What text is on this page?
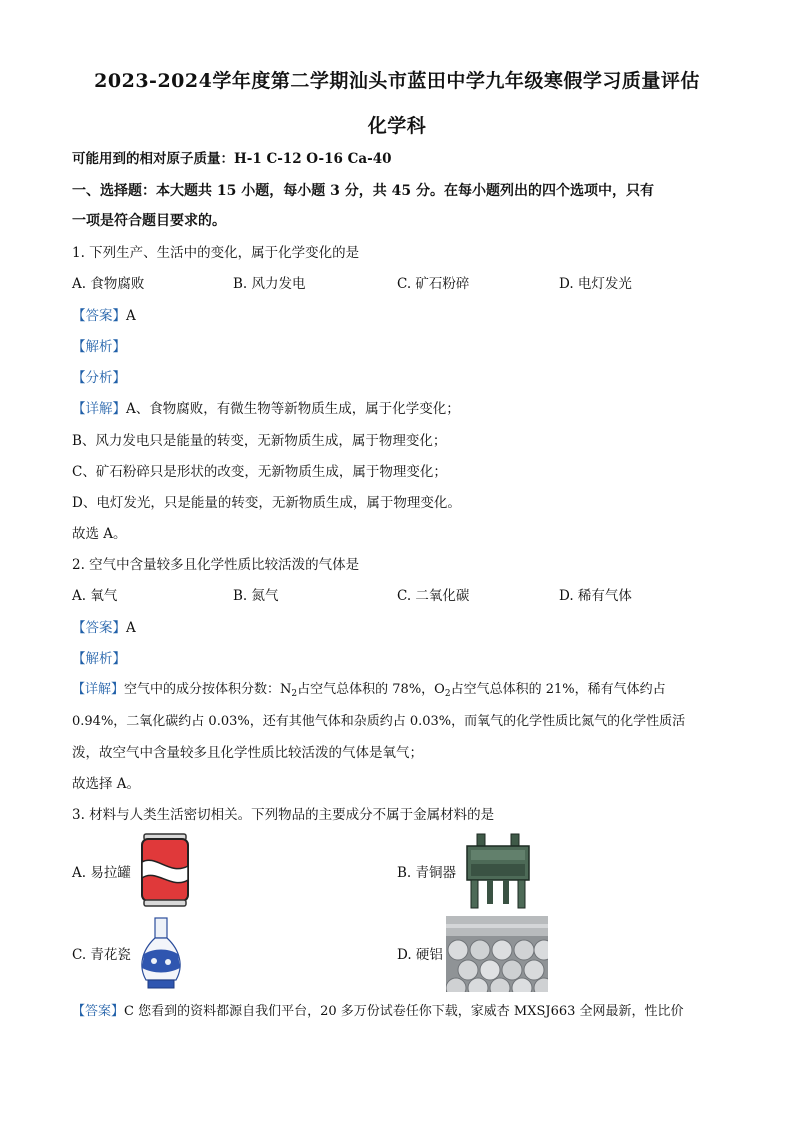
2023-2024学年度第二学期汕头市蓝田中学九年级寒假学习质量评估
化学科
可能用到的相对原子质量：H-1 C-12 O-16 Ca-40
一、选择题：本大题共 15 小题，每小题 3 分，共 45 分。在每小题列出的四个选项中，只有
一项是符合题目要求的。
1. 下列生产、生活中的变化，属于化学变化的是
A. 食物腐败	B. 风力发电	C. 矿石粉碎	D. 电灯发光
【答案】A
【解析】
【分析】
【详解】A、食物腐败，有微生物等新物质生成，属于化学变化；
B、风力发电只是能量的转变，无新物质生成，属于物理变化；
C、矿石粉碎只是形状的改变，无新物质生成，属于物理变化；
D、电灯发光，只是能量的转变，无新物质生成，属于物理变化。
故选 A。
2. 空气中含量较多且化学性质比较活泼的气体是
A. 氧气	B. 氮气	C. 二氧化碳	D. 稀有气体
【答案】A
【解析】
【详解】空气中的成分按体积分数：$N_2$占空气总体积的 78%，$O_2$占空气总体积的 21%，稀有气体约占
0.94%，二氧化碳约占 0.03%，还有其他气体和杂质约占 0.03%，而氧气的化学性质比氮气的化学性质活
泼，故空气中含量较多且化学性质比较活泼的气体是氧气；
故选择 A。
3. 材料与人类生活密切相关。下列物品的主要成分不属于金属材料的是
A. 易拉罐	B. 青铜器
C. 青花瓷	D. 硬铝
【答案】C 您看到的资料都源自我们平台，20 多万份试卷任你下载，家威杏 MXSJ663 全网最新，性比价
